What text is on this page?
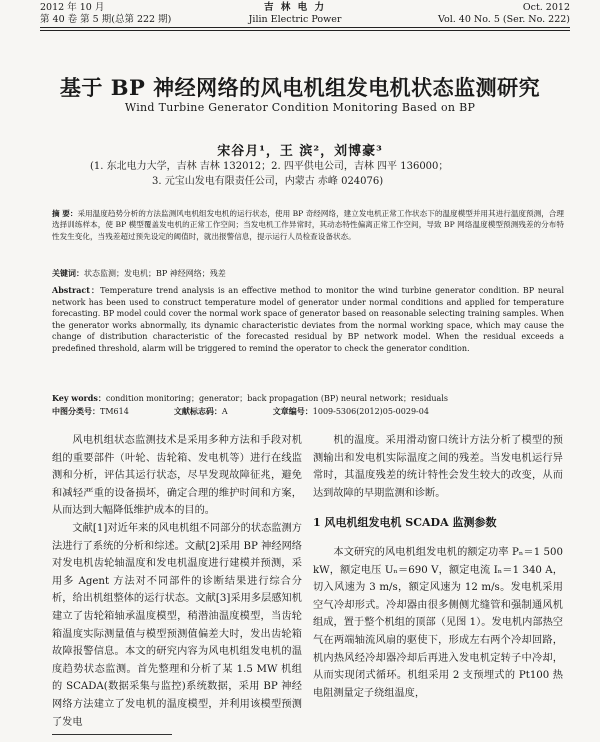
2012 年 10 月
第 40 卷 第 5 期(总第 222 期)
吉 林 电 力
Jilin Electric Power
Oct. 2012
Vol. 40 No. 5 (Ser. No. 222)
基于 BP 神经网络的风电机组发电机状态监测研究
Wind Turbine Generator Condition Monitoring Based on BP
宋谷月¹，王 滨²，刘博豪³
(1. 东北电力大学，吉林 吉林 132012；2. 四平供电公司，吉林 四平 136000；
3. 元宝山发电有限责任公司，内蒙古 赤峰 024076)
摘 要：采用温度趋势分析的方法监测风电机组发电机的运行状态，使用 BP 奇经网络，建立发电机正常工作状态下的温度模型并用其进行温度预测，合理选择训练样本，使 BP 模型覆盖发电机的正常工作空间；当发电机工作异常时，其动态特性偏离正常工作空间，导致 BP 网络温度模型预测残差的分布特性发生变化，当残差超过预先设定的阈值时，就出报警信息，提示运行人员检查设备状态。
关键词：状态监测；发电机；BP 神经网络；残差
Abstract：Temperature trend analysis is an effective method to monitor the wind turbine generator condition. BP neural network has been used to construct temperature model of generator under normal conditions and applied for temperature forecasting. BP model could cover the normal work space of generator based on reasonable selecting training samples. When the generator works abnormally, its dynamic characteristic deviates from the normal working space, which may cause the change of distribution characteristic of the forecasted residual by BP network model. When the residual exceeds a predefined threshold, alarm will be triggered to remind the operator to check the generator condition.
Key words：condition monitoring；generator；back propagation (BP) neural network；residuals
中图分类号：TM614	文献标志码：A	文章编号：1009-5306(2012)05-0029-04

风电机组状态监测技术是采用多种方法和手段对机组的重要部件（叶轮、齿轮箱、发电机等）进行在线监测和分析，评估其运行状态，尽早发现故障征兆，避免和减轻严重的设备损坏，确定合理的维护时间和方案，从而达到大幅降低维护成本的目的。

文献[1]对近年来的风电机组不同部分的状态监测方法进行了系统的分析和综述。文献[2]采用 BP 神经网络对发电机齿轮轴温度和发电机温度进行建模并预测，采用多 Agent 方法对不同部件的诊断结果进行综合分析，给出机组整体的运行状态。文献[3]采用多层感知机建立了齿轮箱轴承温度模型，稍潜油温度模型，当齿轮箱温度实际测量值与模型预测值偏差大时，发出齿轮箱故障报警信息。本文的研究内容为风电机组发电机的温度趋势状态监测。首先整理和分析了某 1.5 MW 机组的 SCADA(数据采集与监控)系统数据，采用 BP 神经网络方法建立了发电机的温度模型，并利用该模型预测了发电

机的温度。采用滑动窗口统计方法分析了模型的预测输出和发电机实际温度之间的残差。当发电机运行异常时，其温度残差的统计特性会发生较大的改变，从而达到故障的早期监测和诊断。

1 风电机组发电机 SCADA 监测参数

本文研究的风电机组发电机的额定功率 Pₙ＝1 500 kW，额定电压 Uₙ＝690 V，额定电流 Iₙ＝1 340 A，切入风速为 3 m/s，额定风速为 12 m/s。发电机采用空气冷却形式。冷却器由很多侧侧尤缝管和强制通风机组成，置于整个机组的顶部（见图 1）。发电机内部热空气在两端轴流风扇的驱使下，形成左右两个冷却回路，机内热风经冷却器冷却后再进入发电机定转子中冷却，从而实现闭式循环。机组采用 2 支预埋式的 Pt100 热电阻测量定子绕组温度，
